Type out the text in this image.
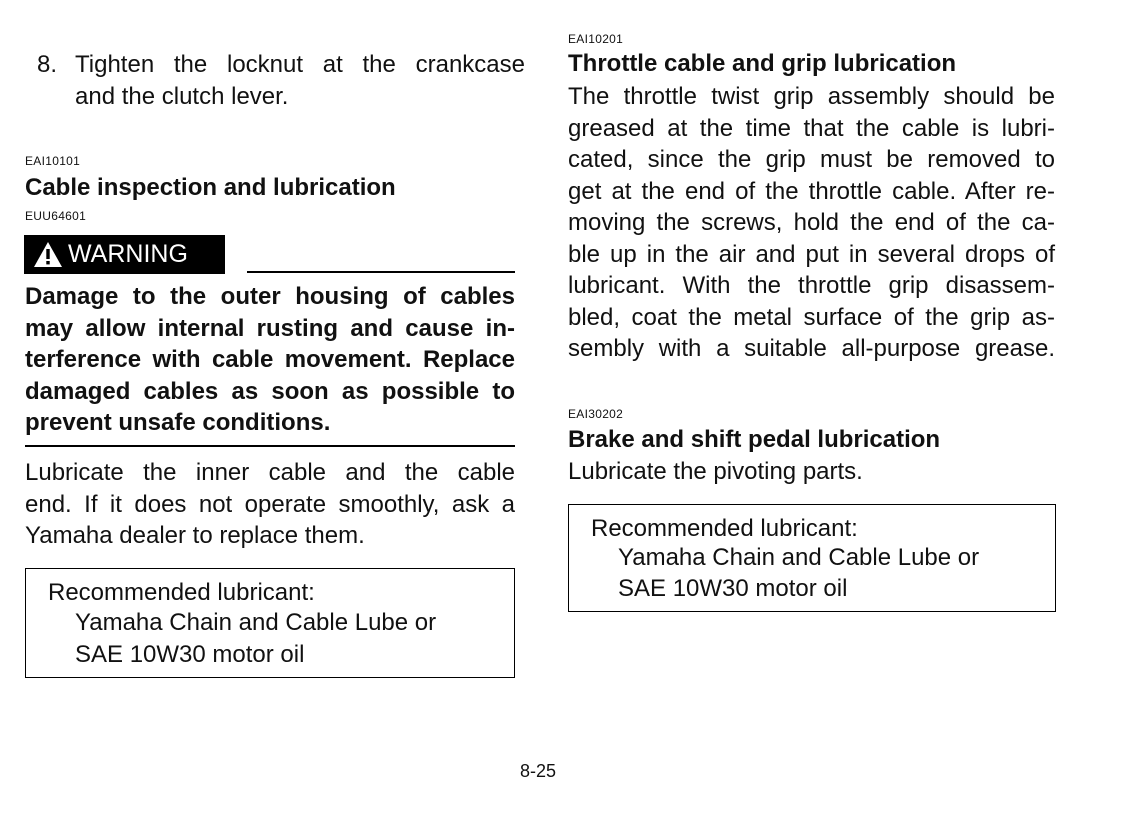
8. Tighten the locknut at the crankcase
and the clutch lever.
EAI10101
Cable inspection and lubrication
EUU64601
WARNING
Damage to the outer housing of cables
may allow internal rusting and cause in-
terference with cable movement. Replace
damaged cables as soon as possible to
prevent unsafe conditions.
Lubricate the inner cable and the cable
end. If it does not operate smoothly, ask a
Yamaha dealer to replace them.
Recommended lubricant:
Yamaha Chain and Cable Lube or
SAE 10W30 motor oil
EAI10201
Throttle cable and grip lubrication
The throttle twist grip assembly should be
greased at the time that the cable is lubri-
cated, since the grip must be removed to
get at the end of the throttle cable. After re-
moving the screws, hold the end of the ca-
ble up in the air and put in several drops of
lubricant. With the throttle grip disassem-
bled, coat the metal surface of the grip as-
sembly with a suitable all-purpose grease.
EAI30202
Brake and shift pedal lubrication
Lubricate the pivoting parts.
Recommended lubricant:
Yamaha Chain and Cable Lube or
SAE 10W30 motor oil
8-25
